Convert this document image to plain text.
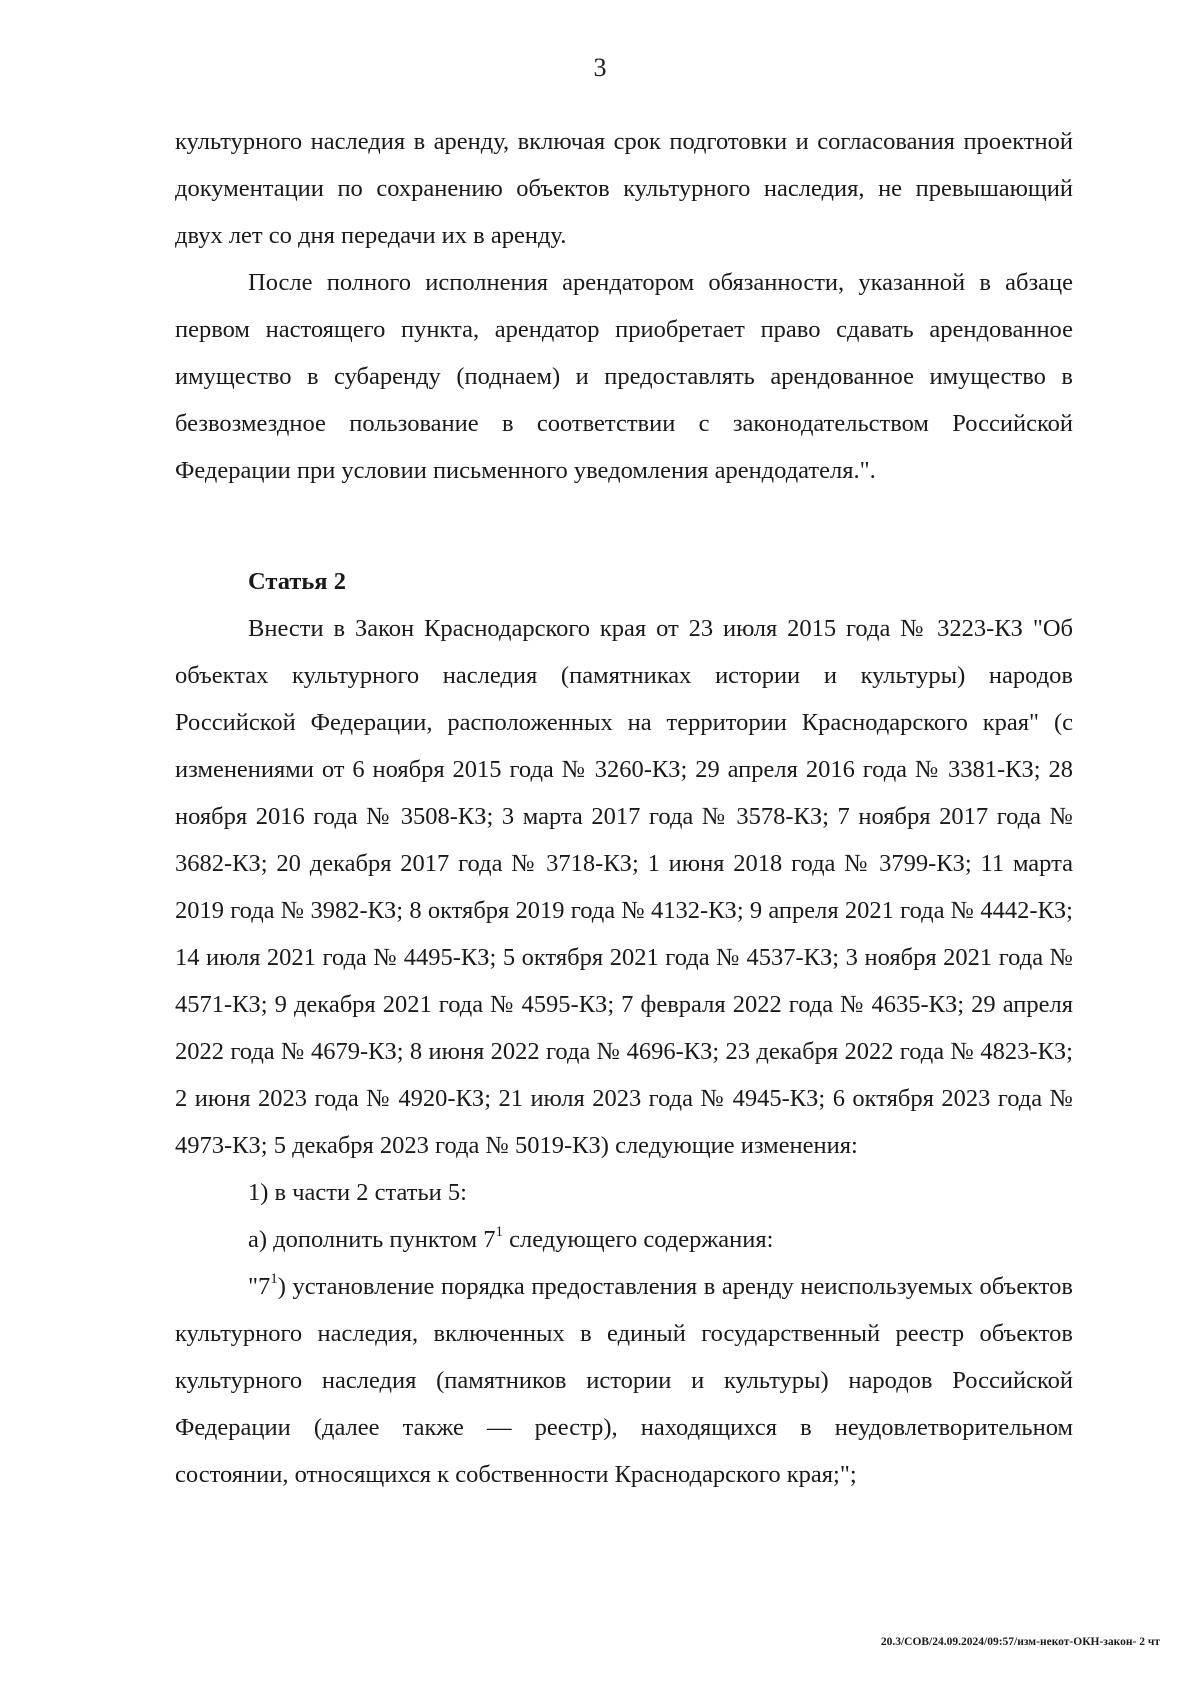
3

культурного наследия в аренду, включая срок подготовки и согласования проектной документации по сохранению объектов культурного наследия, не превышающий двух лет со дня передачи их в аренду.

После полного исполнения арендатором обязанности, указанной в абзаце первом настоящего пункта, арендатор приобретает право сдавать арендованное имущество в субаренду (поднаем) и предоставлять арендованное имущество в безвозмездное пользование в соответствии с законодательством Российской Федерации при условии письменного уведомления арендодателя.".

Статья 2

Внести в Закон Краснодарского края от 23 июля 2015 года № 3223-КЗ "Об объектах культурного наследия (памятниках истории и культуры) народов Российской Федерации, расположенных на территории Краснодарского края" (с изменениями от 6 ноября 2015 года № 3260-КЗ; 29 апреля 2016 года № 3381-КЗ; 28 ноября 2016 года № 3508-КЗ; 3 марта 2017 года № 3578-КЗ; 7 ноября 2017 года № 3682-КЗ; 20 декабря 2017 года № 3718-КЗ; 1 июня 2018 года № 3799-КЗ; 11 марта 2019 года № 3982-КЗ; 8 октября 2019 года № 4132-КЗ; 9 апреля 2021 года № 4442-КЗ; 14 июля 2021 года № 4495-КЗ; 5 октября 2021 года № 4537-КЗ; 3 ноября 2021 года № 4571-КЗ; 9 декабря 2021 года № 4595-КЗ; 7 февраля 2022 года № 4635-КЗ; 29 апреля 2022 года № 4679-КЗ; 8 июня 2022 года № 4696-КЗ; 23 декабря 2022 года № 4823-КЗ; 2 июня 2023 года № 4920-КЗ; 21 июля 2023 года № 4945-КЗ; 6 октября 2023 года № 4973-КЗ; 5 декабря 2023 года № 5019-КЗ) следующие изменения:

1) в части 2 статьи 5:

а) дополнить пунктом $7^1$ следующего содержания:

"$7^1$) установление порядка предоставления в аренду неиспользуемых объектов культурного наследия, включенных в единый государственный реестр объектов культурного наследия (памятников истории и культуры) народов Российской Федерации (далее также — реестр), находящихся в неудовлетворительном состоянии, относящихся к собственности Краснодарского края;";

20.3/СОВ/24.09.2024/09:57/изм-некот-ОКН-закон- 2 чт
